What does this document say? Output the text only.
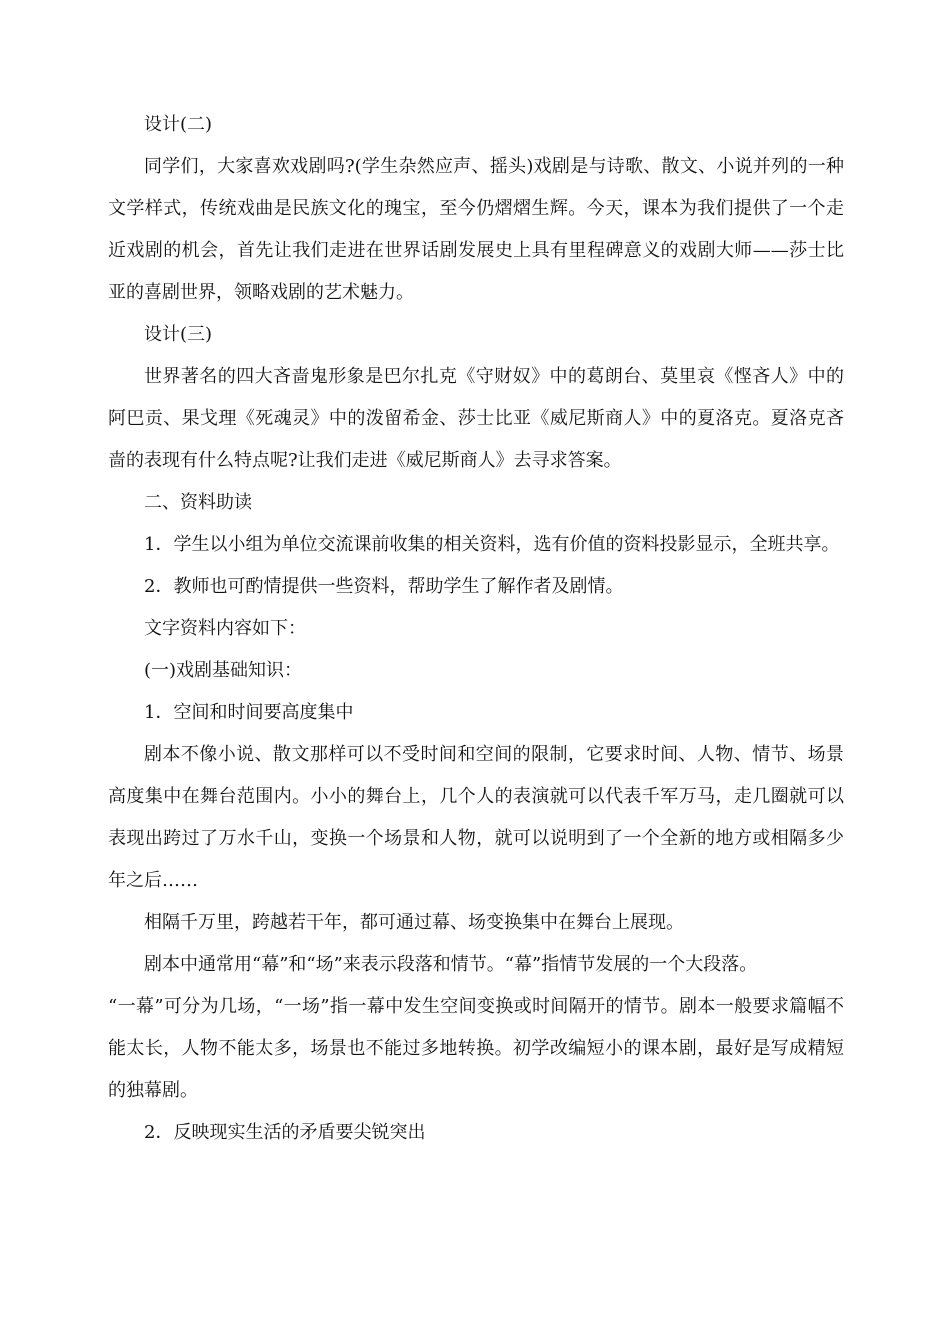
设计(二)

同学们，大家喜欢戏剧吗?(学生杂然应声、摇头)戏剧是与诗歌、散文、小说并列的一种文学样式，传统戏曲是民族文化的瑰宝，至今仍熠熠生辉。今天，课本为我们提供了一个走近戏剧的机会，首先让我们走进在世界话剧发展史上具有里程碑意义的戏剧大师——莎士比亚的喜剧世界，领略戏剧的艺术魅力。

设计(三)

世界著名的四大吝啬鬼形象是巴尔扎克《守财奴》中的葛朗台、莫里哀《悭吝人》中的阿巴贡、果戈理《死魂灵》中的泼留希金、莎士比亚《威尼斯商人》中的夏洛克。夏洛克吝啬的表现有什么特点呢?让我们走进《威尼斯商人》去寻求答案。

二、资料助读

1．学生以小组为单位交流课前收集的相关资料，选有价值的资料投影显示，全班共享。

2．教师也可酌情提供一些资料，帮助学生了解作者及剧情。

文字资料内容如下：

(一)戏剧基础知识：

1．空间和时间要高度集中

剧本不像小说、散文那样可以不受时间和空间的限制，它要求时间、人物、情节、场景高度集中在舞台范围内。小小的舞台上，几个人的表演就可以代表千军万马，走几圈就可以表现出跨过了万水千山，变换一个场景和人物，就可以说明到了一个全新的地方或相隔多少年之后……

相隔千万里，跨越若干年，都可通过幕、场变换集中在舞台上展现。

剧本中通常用“幕”和“场”来表示段落和情节。“幕”指情节发展的一个大段落。

“一幕”可分为几场，“一场”指一幕中发生空间变换或时间隔开的情节。剧本一般要求篇幅不能太长，人物不能太多，场景也不能过多地转换。初学改编短小的课本剧，最好是写成精短的独幕剧。

2．反映现实生活的矛盾要尖锐突出
